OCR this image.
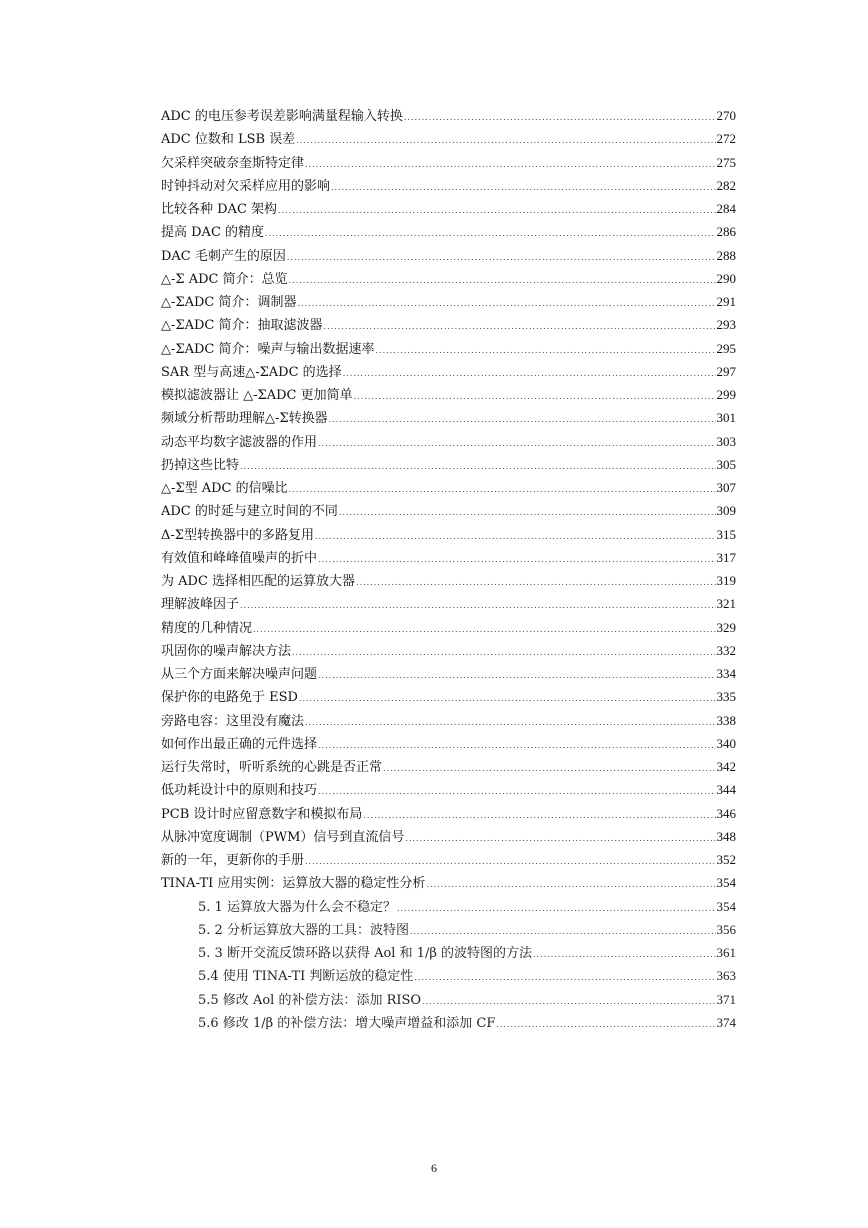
ADC 的电压参考误差影响满量程输入转换 .....	270
ADC 位数和 LSB 误差 .....	272
欠采样突破奈奎斯特定律 .....	275
时钟抖动对欠采样应用的影响 .....	282
比较各种 DAC 架构 .....	284
提高 DAC 的精度 .....	286
DAC 毛刺产生的原因 .....	288
△-Σ ADC 简介：总览 .....	290
△-ΣADC 简介：调制器 .....	291
△-ΣADC 简介：抽取滤波器 .....	293
△-ΣADC 简介：噪声与输出数据速率 .....	295
SAR 型与高速△-ΣADC 的选择 .....	297
模拟滤波器让 △-ΣADC 更加简单 .....	299
频域分析帮助理解△-Σ转换器 .....	301
动态平均数字滤波器的作用 .....	303
扔掉这些比特 .....	305
△-Σ型 ADC 的信噪比 .....	307
ADC 的时延与建立时间的不同 .....	309
Δ-Σ型转换器中的多路复用 .....	315
有效值和峰峰值噪声的折中 .....	317
为 ADC 选择相匹配的运算放大器 .....	319
理解波峰因子 .....	321
精度的几种情况 .....	329
巩固你的噪声解决方法 .....	332
从三个方面来解决噪声问题 .....	334
保护你的电路免于 ESD .....	335
旁路电容：这里没有魔法 .....	338
如何作出最正确的元件选择 .....	340
运行失常时，听听系统的心跳是否正常 .....	342
低功耗设计中的原则和技巧 .....	344
PCB 设计时应留意数字和模拟布局 .....	346
从脉冲宽度调制（PWM）信号到直流信号 .....	348
新的一年，更新你的手册 .....	352
TINA-TI 应用实例：运算放大器的稳定性分析 .....	354
5. 1 运算放大器为什么会不稳定？ .....	354
5. 2 分析运算放大器的工具：波特图 .....	356
5. 3 断开交流反馈环路以获得 Aol 和 1/β 的波特图的方法 .....	361
5.4 使用 TINA-TI 判断运放的稳定性 .....	363
5.5 修改 Aol 的补偿方法：添加 RISO .....	371
5.6 修改 1/β 的补偿方法：增大噪声增益和添加 CF .....	374
6
